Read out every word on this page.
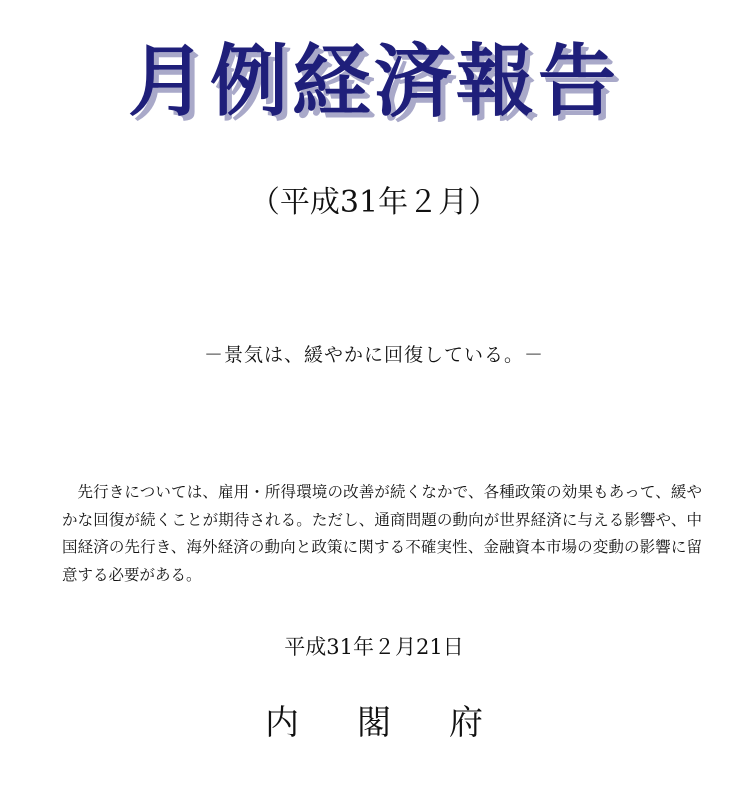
月例経済報告
（平成31年２月）
－景気は、緩やかに回復している。－

先行きについては、雇用・所得環境の改善が続くなかで、各種政策の効果もあって、緩やかな回復が続くことが期待される。ただし、通商問題の動向が世界経済に与える影響や、中国経済の先行き、海外経済の動向と政策に関する不確実性、金融資本市場の変動の影響に留意する必要がある。

平成31年２月21日
内閣府
